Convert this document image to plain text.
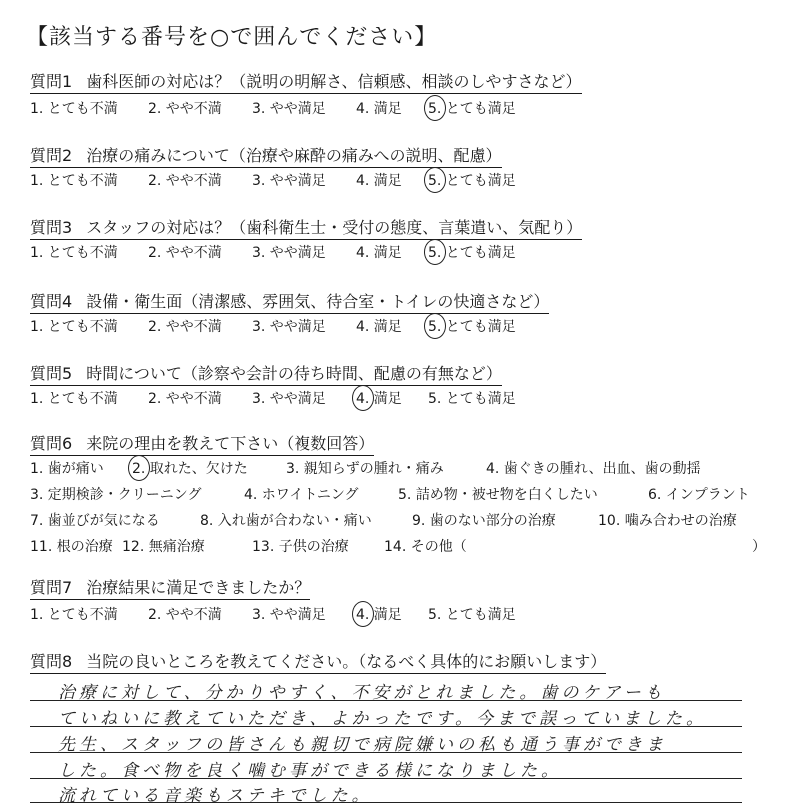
【該当する番号を○で囲んでください】
質問1 歯科医師の対応は？（説明の明解さ、信頼感、相談のしやすさなど）
1. とても不満 2. やや不満 3. やや満足 4. 満足 5. とても満足
質問2 治療の痛みについて（治療や麻酔の痛みへの説明、配慮）
1. とても不満 2. やや不満 3. やや満足 4. 満足 5. とても満足
質問3 スタッフの対応は？（歯科衛生士・受付の態度、言葉遣い、気配り）
1. とても不満 2. やや不満 3. やや満足 4. 満足 5. とても満足
質問4 設備・衛生面（清潔感、雰囲気、待合室・トイレの快適さなど）
1. とても不満 2. やや不満 3. やや満足 4. 満足 5. とても満足
質問5 時間について（診察や会計の待ち時間、配慮の有無など）
1. とても不満 2. やや不満 3. やや満足 4. 満足 5. とても満足
質問6 来院の理由を教えて下さい（複数回答）
1. 歯が痛い 2. 取れた、欠けた	3. 親知らずの腫れ・痛み	4. 歯ぐきの腫れ、出血、歯の動揺
3. 定期検診・クリーニング	4. ホワイトニング	5. 詰め物・被せ物を白くしたい	6. インプラント
7. 歯並びが気になる	8. 入れ歯が合わない・痛い	9. 歯のない部分の治療	10. 噛み合わせの治療
11. 根の治療 12. 無痛治療	13. 子供の治療	14. その他（	）
質問7 治療結果に満足できましたか？
1. とても不満 2. やや不満 3. やや満足 4. 満足 5. とても満足
質問8 当院の良いところを教えてください。（なるべく具体的にお願いします）
治療に対して、分かりやすく、不安がとれました。歯のケアーも
ていねいに教えていただき、よかったです。今まで誤っていました。
先生、スタッフの皆さんも親切で病院嫌いの私も通う事ができま
した。食べ物を良く噛む事ができる様になりました。
流れている音楽もステキでした。
